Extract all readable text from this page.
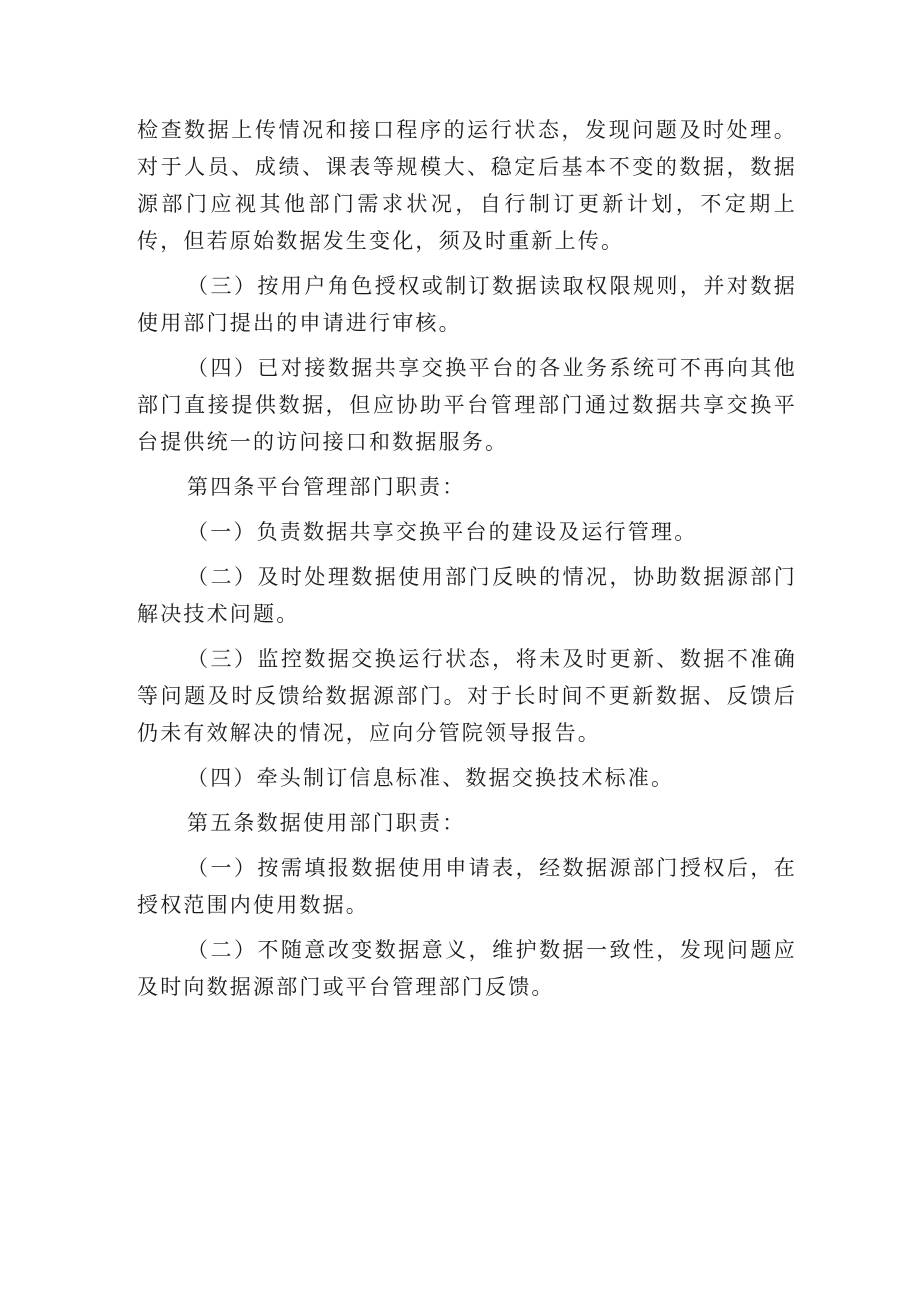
检查数据上传情况和接口程序的运行状态，发现问题及时处理。对于人员、成绩、课表等规模大、稳定后基本不变的数据，数据源部门应视其他部门需求状况，自行制订更新计划，不定期上传，但若原始数据发生变化，须及时重新上传。

（三）按用户角色授权或制订数据读取权限规则，并对数据使用部门提出的申请进行审核。

（四）已对接数据共享交换平台的各业务系统可不再向其他部门直接提供数据，但应协助平台管理部门通过数据共享交换平台提供统一的访问接口和数据服务。

第四条平台管理部门职责：

（一）负责数据共享交换平台的建设及运行管理。

（二）及时处理数据使用部门反映的情况，协助数据源部门解决技术问题。

（三）监控数据交换运行状态，将未及时更新、数据不准确等问题及时反馈给数据源部门。对于长时间不更新数据、反馈后仍未有效解决的情况，应向分管院领导报告。

（四）牵头制订信息标准、数据交换技术标准。

第五条数据使用部门职责：

（一）按需填报数据使用申请表，经数据源部门授权后，在授权范围内使用数据。

（二）不随意改变数据意义，维护数据一致性，发现问题应及时向数据源部门或平台管理部门反馈。
